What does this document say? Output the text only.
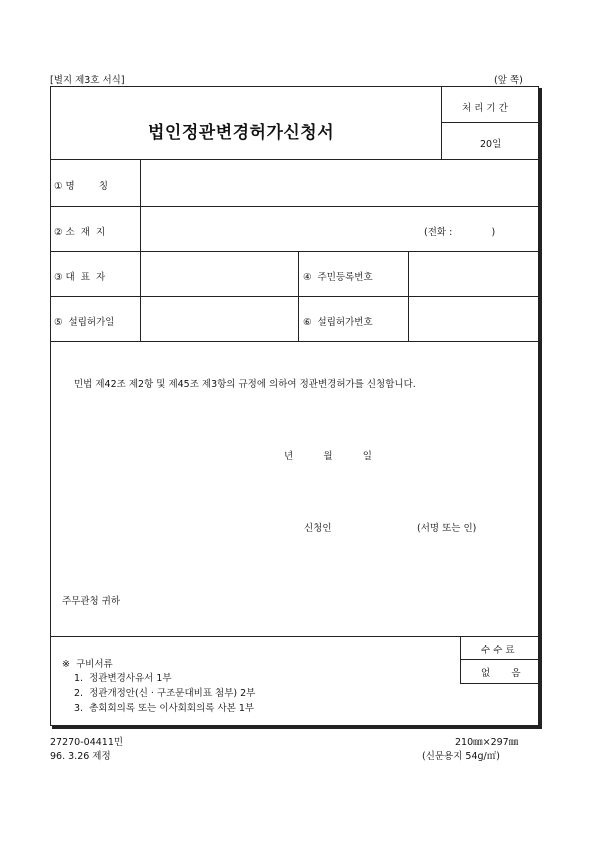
[별지 제3호 서식]	(앞 쪽)
법인정관변경허가신청서
처 리 기 간
20일
① 명        칭
② 소  재  지	(전화 :             )
③ 대  표  자	④  주민등록번호
⑤  설립허가일	⑥  설립허가번호
민법 제42조 제2항 및 제45조 제3항의 규정에 의하여 정관변경허가를 신청합니다.
년          월          일
신청인	(서명 또는 인)
주무관청 귀하
수 수 료
없       음
※  구비서류
1.  정관변경사유서 1부
2.  정관개정안(신 · 구조문대비표 첨부) 2부
3.  총회회의록 또는 이사회회의록 사본 1부
27270-04411민
96. 3.26 제정
210㎜×297㎜
(신문용지 54g/㎡)
